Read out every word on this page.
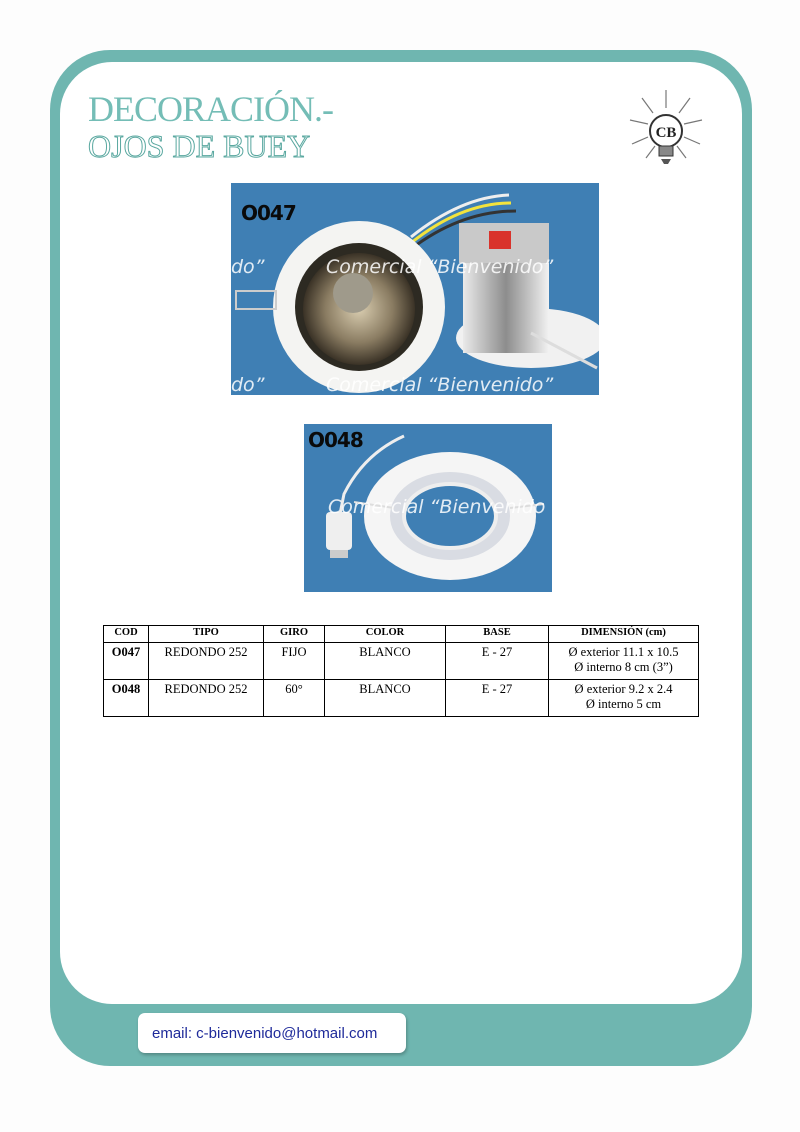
DECORACIÓN.-
OJOS DE BUEY	CB
O047
O048
Comercial “Bienvenido”
do”
Comercial “Bienvenido”
do”
Comercial “Bienvenido
COD	TIPO	GIRO	COLOR	BASE	DIMENSIÓN (cm)
O047	REDONDO 252	FIJO	BLANCO	E - 27	Ø exterior 11.1 x 10.5
Ø interno 8 cm (3”)

O048	REDONDO 252	60°	BLANCO	E - 27	Ø exterior 9.2 x 2.4
Ø interno 5 cm
email: c-bienvenido@hotmail.com
